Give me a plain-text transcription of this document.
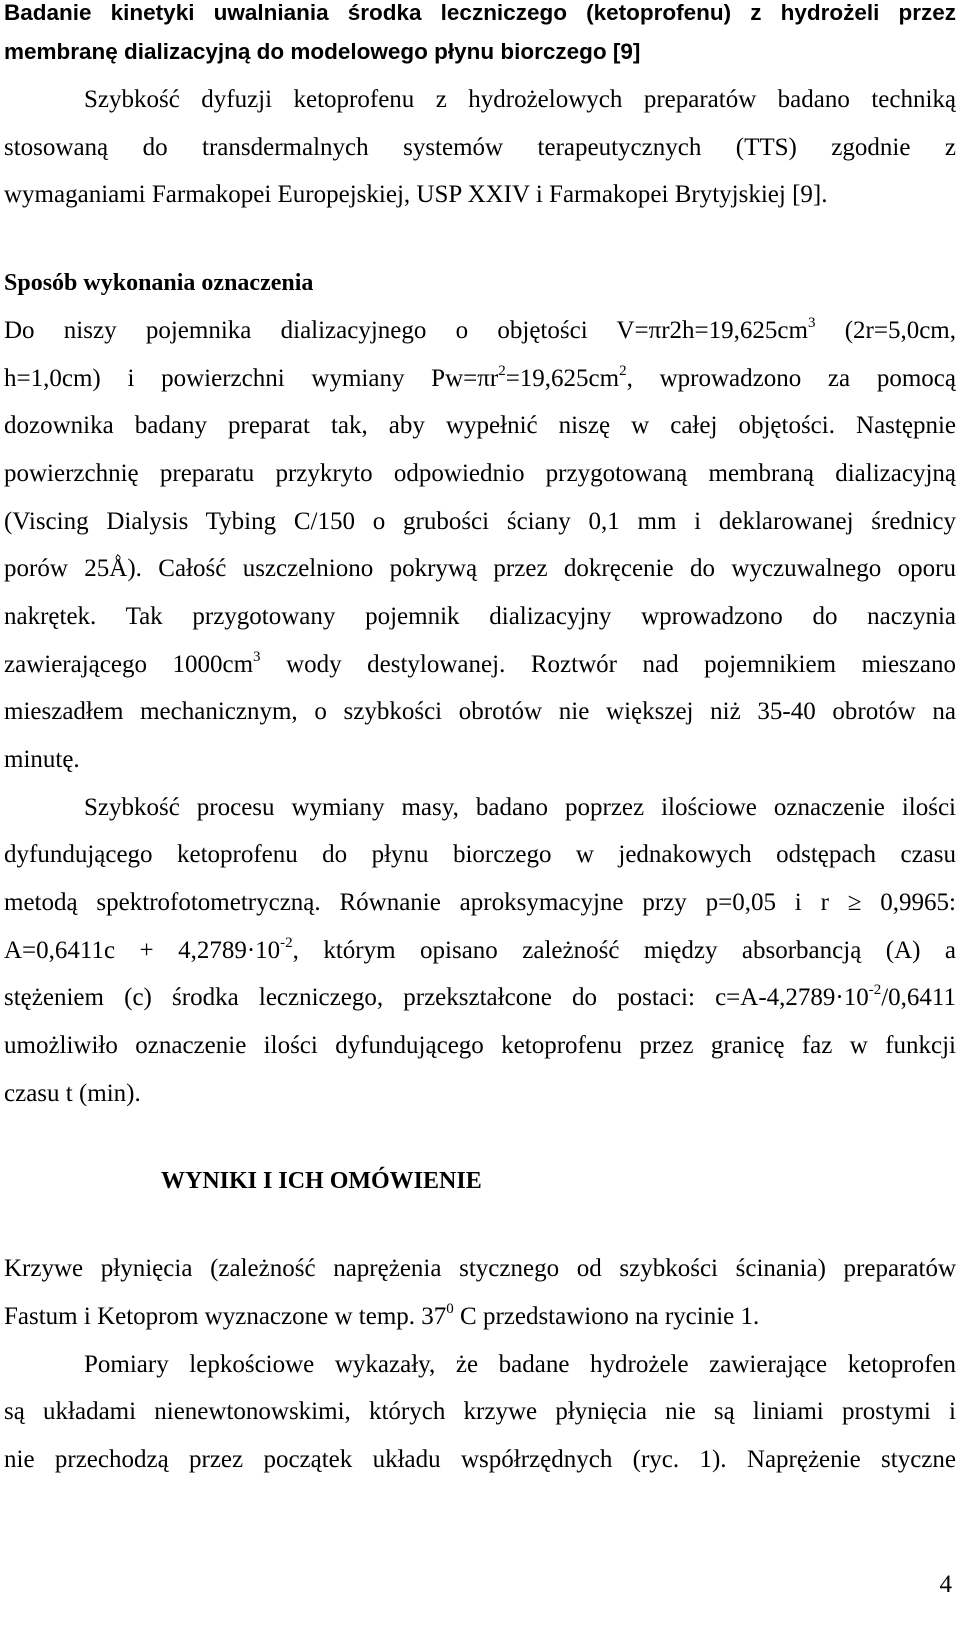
Badanie kinetyki uwalniania środka leczniczego (ketoprofenu) z hydrożeli przez
membranę dializacyjną do modelowego płynu biorczego [9]
Szybkość dyfuzji ketoprofenu z hydrożelowych preparatów badano techniką
stosowaną do transdermalnych systemów terapeutycznych (TTS) zgodnie z
wymaganiami Farmakopei Europejskiej, USP XXIV i Farmakopei Brytyjskiej [9].
Sposób wykonania oznaczenia
Do niszy pojemnika dializacyjnego o objętości $V=\pi r2h=19,625cm^3$ (2r=5,0cm,
h=1,0cm) i powierzchni wymiany $Pw=\pi r^2=19,625cm^2$, wprowadzono za pomocą
dozownika badany preparat tak, aby wypełnić niszę w całej objętości. Następnie
powierzchnię preparatu przykryto odpowiednio przygotowaną membraną dializacyjną
(Viscing Dialysis Tybing C/150 o grubości ściany 0,1 mm i deklarowanej średnicy
porów 25Ǻ). Całość uszczelniono pokrywą przez dokręcenie do wyczuwalnego oporu
nakrętek. Tak przygotowany pojemnik dializacyjny wprowadzono do naczynia
zawierającego $1000cm^3$ wody destylowanej. Roztwór nad pojemnikiem mieszano
mieszadłem mechanicznym, o szybkości obrotów nie większej niż 35-40 obrotów na
minutę.
Szybkość procesu wymiany masy, badano poprzez ilościowe oznaczenie ilości
dyfundującego ketoprofenu do płynu biorczego w jednakowych odstępach czasu
metodą spektrofotometryczną. Równanie aproksymacyjne przy p=0,05 i r ≥ 0,9965:
$A=0,6411c + 4,2789\cdot 10^{-2}$, którym opisano zależność między absorbancją (A) a
stężeniem (c) środka leczniczego, przekształcone do postaci: $c=A-4,2789\cdot 10^{-2}/0,6411$
umożliwiło oznaczenie ilości dyfundującego ketoprofenu przez granicę faz w funkcji
czasu t (min).
WYNIKI I ICH OMÓWIENIE
Krzywe płynięcia (zależność naprężenia stycznego od szybkości ścinania) preparatów
Fastum i Ketoprom wyznaczone w temp. $37^0$ C przedstawiono na rycinie 1.
Pomiary lepkościowe wykazały, że badane hydrożele zawierające ketoprofen
są układami nienewtonowskimi, których krzywe płynięcia nie są liniami prostymi i
nie przechodzą przez początek układu współrzędnych (ryc. 1). Naprężenie styczne
4
